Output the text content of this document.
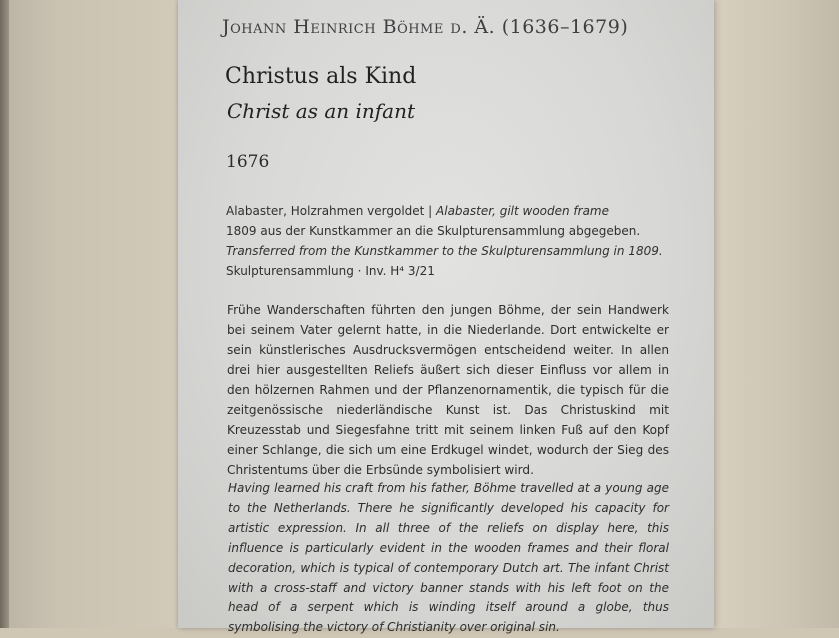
Johann Heinrich Böhme d. Ä. (1636–1679)
Christus als Kind
Christ as an infant
1676
Alabaster, Holzrahmen vergoldet | Alabaster, gilt wooden frame
1809 aus der Kunstkammer an die Skulpturensammlung abgegeben.
Transferred from the Kunstkammer to the Skulpturensammlung in 1809.
Skulpturensammlung · Inv. H⁴ 3/21
Frühe Wanderschaften führten den jungen Böhme, der sein Handwerk bei seinem Vater gelernt hatte, in die Niederlande. Dort entwickelte er sein künstlerisches Ausdrucksvermögen entscheidend weiter. In allen drei hier ausgestellten Reliefs äußert sich dieser Einfluss vor allem in den hölzernen Rahmen und der Pflanzenornamentik, die typisch für die zeitgenössische niederländische Kunst ist. Das Christuskind mit Kreuzesstab und Siegesfahne tritt mit seinem linken Fuß auf den Kopf einer Schlange, die sich um eine Erdkugel windet, wodurch der Sieg des Christentums über die Erbsünde symbolisiert wird.
Having learned his craft from his father, Böhme travelled at a young age to the Netherlands. There he significantly developed his capacity for artistic expression. In all three of the reliefs on display here, this influence is particularly evident in the wooden frames and their floral decoration, which is typical of contemporary Dutch art. The infant Christ with a cross-staff and victory banner stands with his left foot on the head of a serpent which is winding itself around a globe, thus symbolising the victory of Christianity over original sin.
